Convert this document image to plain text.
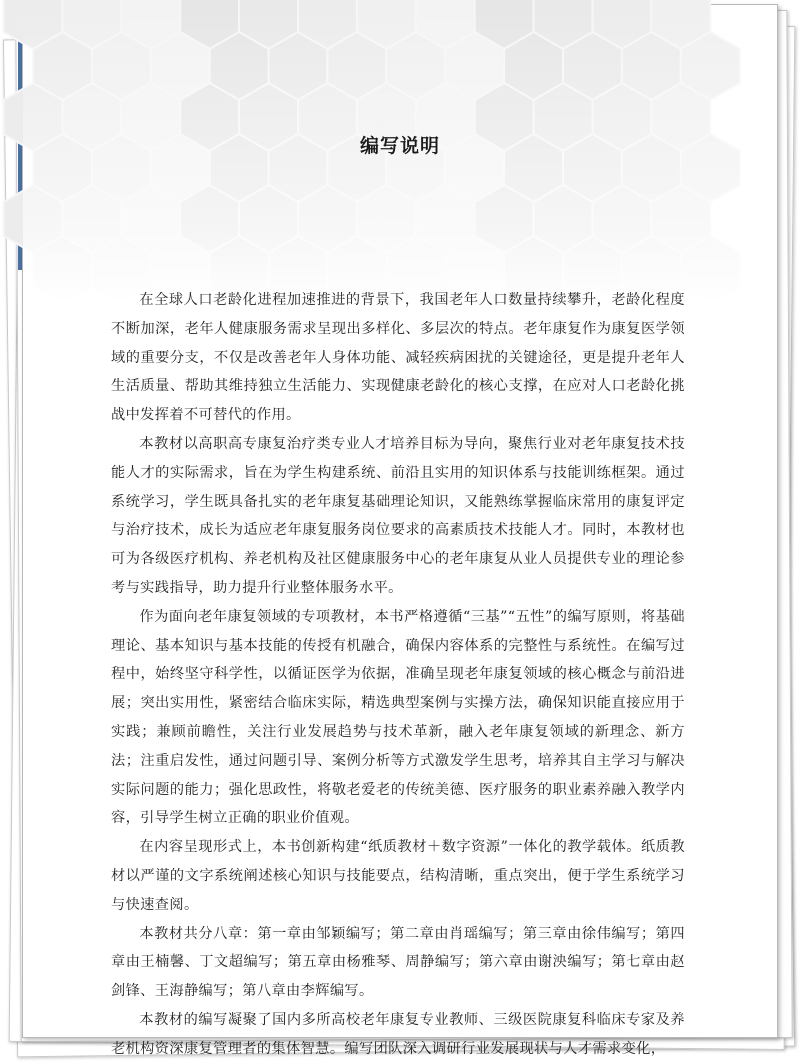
编写说明

在全球人口老龄化进程加速推进的背景下，我国老年人口数量持续攀升，老龄化程度不断加深，老年人健康服务需求呈现出多样化、多层次的特点。老年康复作为康复医学领域的重要分支，不仅是改善老年人身体功能、减轻疾病困扰的关键途径，更是提升老年人生活质量、帮助其维持独立生活能力、实现健康老龄化的核心支撑，在应对人口老龄化挑战中发挥着不可替代的作用。

本教材以高职高专康复治疗类专业人才培养目标为导向，聚焦行业对老年康复技术技能人才的实际需求，旨在为学生构建系统、前沿且实用的知识体系与技能训练框架。通过系统学习，学生既具备扎实的老年康复基础理论知识，又能熟练掌握临床常用的康复评定与治疗技术，成长为适应老年康复服务岗位要求的高素质技术技能人才。同时，本教材也可为各级医疗机构、养老机构及社区健康服务中心的老年康复从业人员提供专业的理论参考与实践指导，助力提升行业整体服务水平。

作为面向老年康复领域的专项教材，本书严格遵循“三基”“五性”的编写原则，将基础理论、基本知识与基本技能的传授有机融合，确保内容体系的完整性与系统性。在编写过程中，始终坚守科学性，以循证医学为依据，准确呈现老年康复领域的核心概念与前沿进展；突出实用性，紧密结合临床实际，精选典型案例与实操方法，确保知识能直接应用于实践；兼顾前瞻性，关注行业发展趋势与技术革新，融入老年康复领域的新理念、新方法；注重启发性，通过问题引导、案例分析等方式激发学生思考，培养其自主学习与解决实际问题的能力；强化思政性，将敬老爱老的传统美德、医疗服务的职业素养融入教学内容，引导学生树立正确的职业价值观。

在内容呈现形式上，本书创新构建“纸质教材＋数字资源”一体化的教学载体。纸质教材以严谨的文字系统阐述核心知识与技能要点，结构清晰，重点突出，便于学生系统学习与快速查阅。

本教材共分八章：第一章由邹颖编写；第二章由肖瑶编写；第三章由徐伟编写；第四章由王楠馨、丁文超编写；第五章由杨雅琴、周静编写；第六章由谢泱编写；第七章由赵剑锋、王海静编写；第八章由李辉编写。

本教材的编写凝聚了国内多所高校老年康复专业教师、三级医院康复科临床专家及养老机构资深康复管理者的集体智慧。编写团队深入调研行业发展现状与人才需求变化，
